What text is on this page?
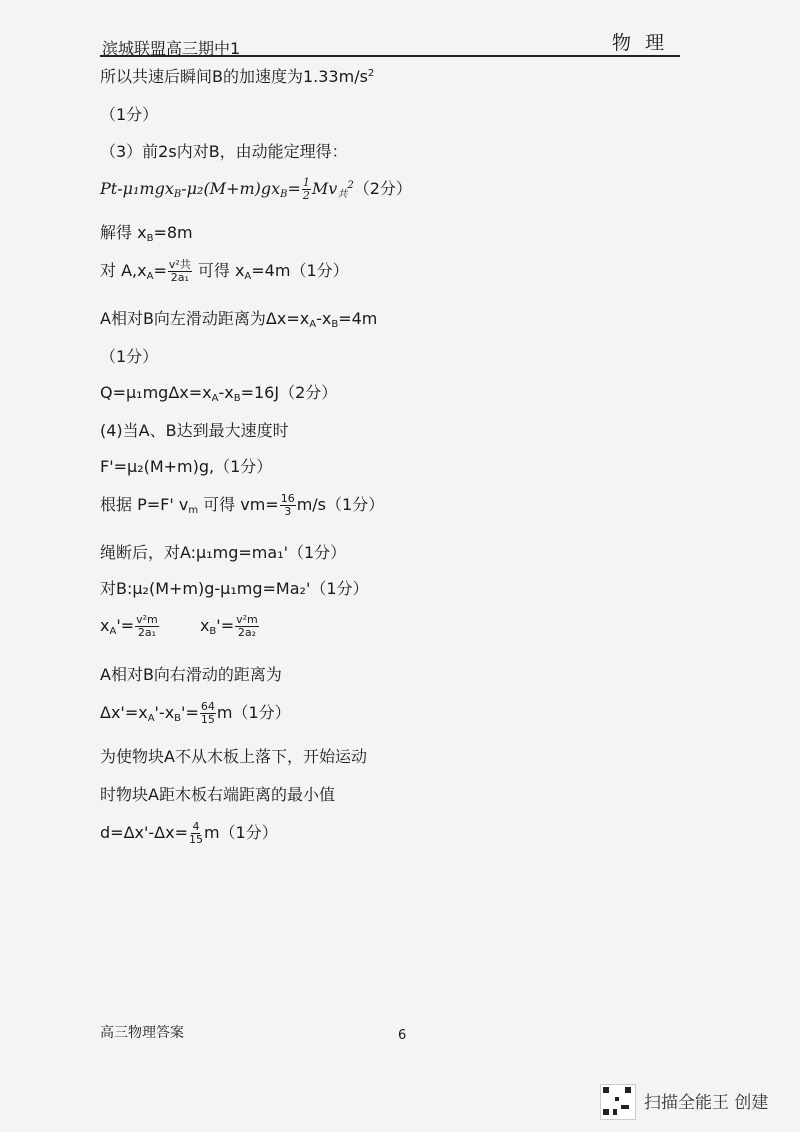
滨城联盟高三期中1	物 理
所以共速后瞬间B的加速度为$1.33m/s^2$
（1分）
（3）前2s内对B，由动能定理得：
$Pt-\mu_1mgx_B-\mu_2(M+m)gx_B= \frac{1}{2} Mv_共^2(2$分）
解得 $x_B=8m$
对 $A,x_A= \frac{\text{v²共}}{\text{2a₁}}$ 可得 $x_A=4m(1$分）
A相对B向左滑动距离为$\Delta x=x_A-x_B=4m$
（1分）
$Q=\mu_1mg\Delta x=x_A-x_B=16J(2$分）
(4)当A、B达到最大速度时
F'=μ₂(M+m)g,（1分）
根据 P=F' $v_m$ 可得 $vm= \frac{16}{3} m/s(1$分）
绳断后，对A:μ₁mg=ma₁'（1分）
对B:μ₂(M+m)g-μ₁mg=Ma₂'（1分）
$x_A'= \frac{\text{v²m}}{\text{2a₁}}$	$x_B'= \frac{\text{v²m}}{\text{2a₂}}$
A相对B向右滑动的距离为
$\Delta x'=x_A'-x_B'= \frac{64}{15} m(1$分）
为使物块A不从木板上落下，开始运动
时物块A距木板右端距离的最小值
$d=\Delta x'-\Delta x= \frac{4}{15} m(1$分）
高三物理答案	6
扫描全能王 创建
